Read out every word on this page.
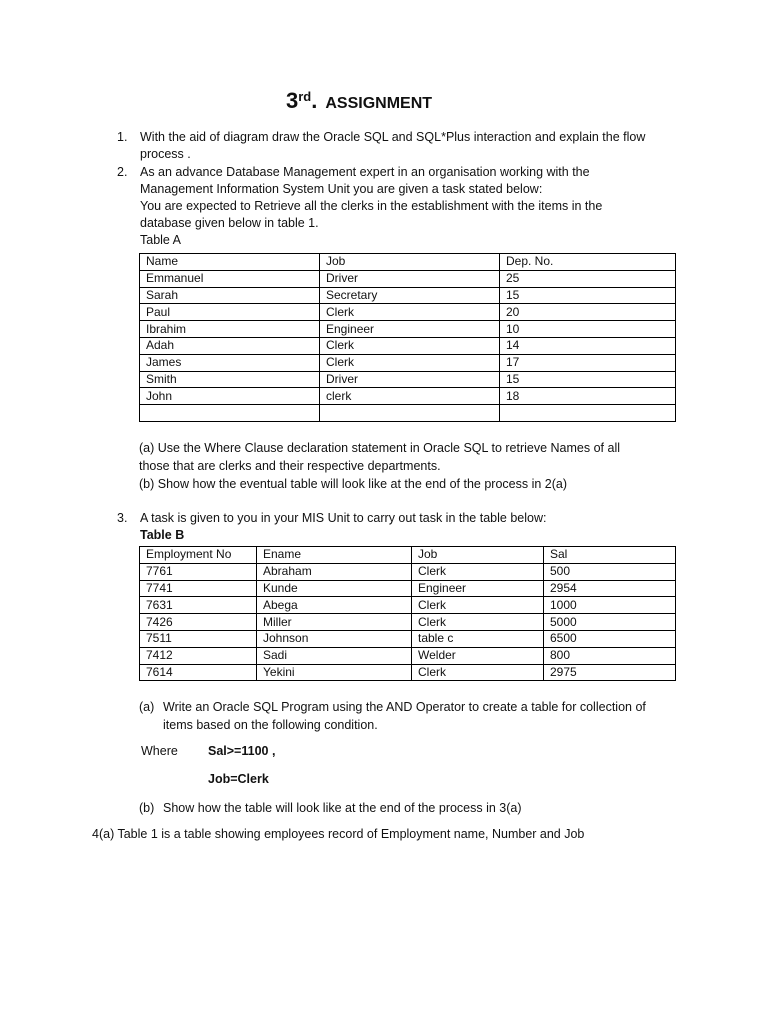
3rd. ASSIGNMENT
1. With the aid of diagram draw the Oracle SQL and SQL*Plus interaction and explain the flow process .
2. As an advance Database Management expert in an organisation working with the
Management Information System Unit you are given a task stated below:
You are expected to Retrieve all the clerks in the establishment with the items in the
database given below in table 1.
Table A
Name	Job	Dep. No.
Emmanuel	Driver	25
Sarah	Secretary	15
Paul	Clerk	20
Ibrahim	Engineer	10
Adah	Clerk	14
James	Clerk	17
Smith	Driver	15
John	clerk	18

(a) Use the Where Clause declaration statement in Oracle SQL to retrieve Names of all
those that are clerks and their respective departments.
(b) Show how the eventual table will look like at the end of the process in 2(a)
3. A task is given to you in your MIS Unit to carry out task in the table below:
Table B
Employment No	Ename	Job	Sal
7761	Abraham	Clerk	500
7741	Kunde	Engineer	2954
7631	Abega	Clerk	1000
7426	Miller	Clerk	5000
7511	Johnson	table c	6500
7412	Sadi	Welder	800
7614	Yekini	Clerk	2975
(a) Write an Oracle SQL Program using the AND Operator to create a table for collection of items based on the following condition.
Where Sal>=1100 ,
Job=Clerk
(b) Show how the table will look like at the end of the process in 3(a)
4(a) Table 1 is a table showing employees record of Employment name, Number and Job
